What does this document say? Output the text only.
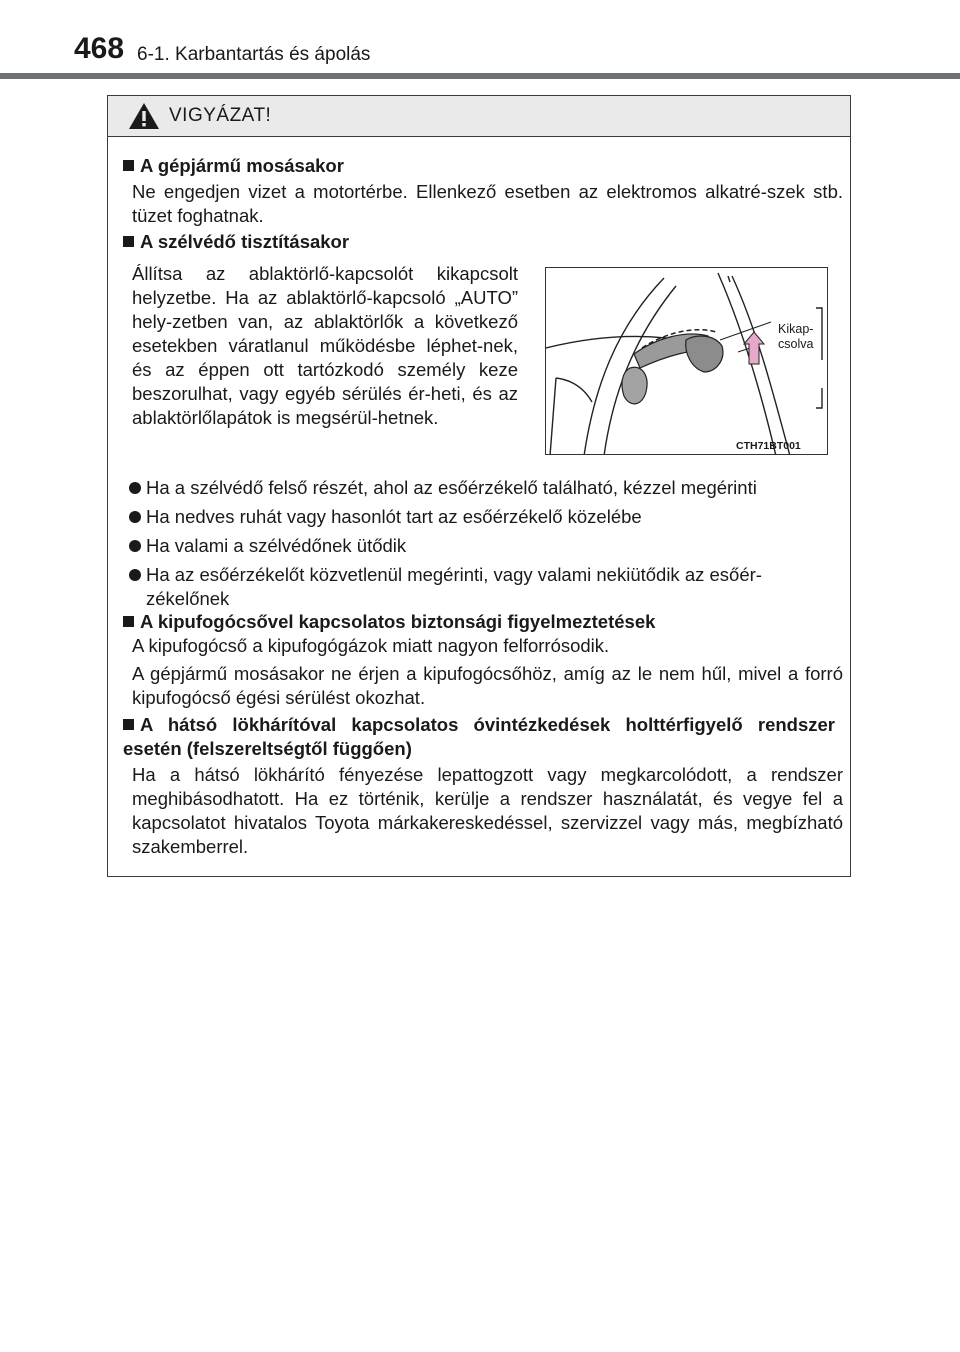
468 6-1. Karbantartás és ápolás
VIGYÁZAT!
A gépjármű mosásakor
Ne engedjen vizet a motortérbe. Ellenkező esetben az elektromos alkatré-szek stb. tüzet foghatnak.
A szélvédő tisztításakor
Állítsa az ablaktörlő-kapcsolót kikapcsolt helyzetbe. Ha az ablaktörlő-kapcsoló „AUTO” hely-zetben van, az ablaktörlők a következő esetekben váratlanul működésbe léphet-nek, és az éppen ott tartózkodó személy keze beszorulhat, vagy egyéb sérülés ér-heti, és az ablaktörlőlapátok is megsérül-hetnek.
Kikap-
csolva
CTH71BT001
Ha a szélvédő felső részét, ahol az esőérzékelő található, kézzel megérinti
Ha nedves ruhát vagy hasonlót tart az esőérzékelő közelébe
Ha valami a szélvédőnek ütődik
Ha az esőérzékelőt közvetlenül megérinti, vagy valami nekiütődik az esőér-zékelőnek
A kipufogócsővel kapcsolatos biztonsági figyelmeztetések
A kipufogócső a kipufogógázok miatt nagyon felforrósodik.
A gépjármű mosásakor ne érjen a kipufogócsőhöz, amíg az le nem hűl, mivel a forró kipufogócső égési sérülést okozhat.
A hátsó lökhárítóval kapcsolatos óvintézkedések holttérfigyelő rendszer esetén (felszereltségtől függően)
Ha a hátsó lökhárító fényezése lepattogzott vagy megkarcolódott, a rendszer meghibásodhatott. Ha ez történik, kerülje a rendszer használatát, és vegye fel a kapcsolatot hivatalos Toyota márkakereskedéssel, szervizzel vagy más, megbízható szakemberrel.
